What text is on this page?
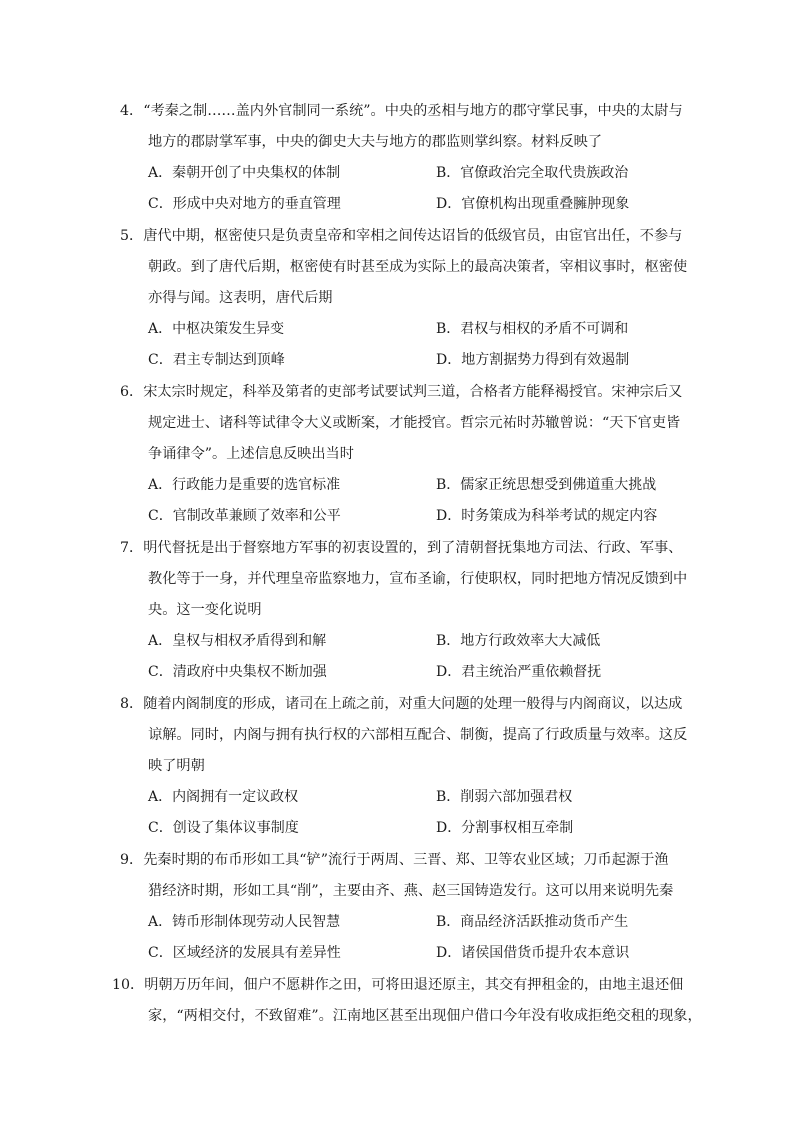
4．“考秦之制……盖内外官制同一系统”。中央的丞相与地方的郡守掌民事，中央的太尉与
地方的郡尉掌军事，中央的御史大夫与地方的郡监则掌纠察。材料反映了
A．秦朝开创了中央集权的体制	B．官僚政治完全取代贵族政治
C．形成中央对地方的垂直管理	D．官僚机构出现重叠臃肿现象
5．唐代中期，枢密使只是负责皇帝和宰相之间传达诏旨的低级官员，由宦官出任，不参与
朝政。到了唐代后期，枢密使有时甚至成为实际上的最高决策者，宰相议事时，枢密使
亦得与闻。这表明，唐代后期
A．中枢决策发生异变	B．君权与相权的矛盾不可调和
C．君主专制达到顶峰	D．地方割据势力得到有效遏制
6．宋太宗时规定，科举及第者的吏部考试要试判三道，合格者方能释褐授官。宋神宗后又
规定进士、诸科等试律令大义或断案，才能授官。哲宗元祐时苏辙曾说：“天下官吏皆
争诵律令”。上述信息反映出当时
A．行政能力是重要的选官标准	B．儒家正统思想受到佛道重大挑战
C．官制改革兼顾了效率和公平	D．时务策成为科举考试的规定内容
7．明代督抚是出于督察地方军事的初衷设置的，到了清朝督抚集地方司法、行政、军事、
教化等于一身，并代理皇帝监察地力，宣布圣谕，行使职权，同时把地方情况反馈到中
央。这一变化说明
A．皇权与相权矛盾得到和解	B．地方行政效率大大减低
C．清政府中央集权不断加强	D．君主统治严重依赖督抚
8．随着内阁制度的形成，诸司在上疏之前，对重大问题的处理一般得与内阁商议，以达成
谅解。同时，内阁与拥有执行权的六部相互配合、制衡，提高了行政质量与效率。这反
映了明朝
A．内阁拥有一定议政权	B．削弱六部加强君权
C．创设了集体议事制度	D．分割事权相互牵制
9．先秦时期的布币形如工具“铲”流行于两周、三晋、郑、卫等农业区域；刀币起源于渔
猎经济时期，形如工具“削”，主要由齐、燕、赵三国铸造发行。这可以用来说明先秦
A．铸币形制体现劳动人民智慧	B．商品经济活跃推动货币产生
C．区域经济的发展具有差异性	D．诸侯国借货币提升农本意识
10．明朝万历年间，佃户不愿耕作之田，可将田退还原主，其交有押租金的，由地主退还佃
家，“两相交付，不致留难”。江南地区甚至出现佃户借口今年没有收成拒绝交租的现象，
